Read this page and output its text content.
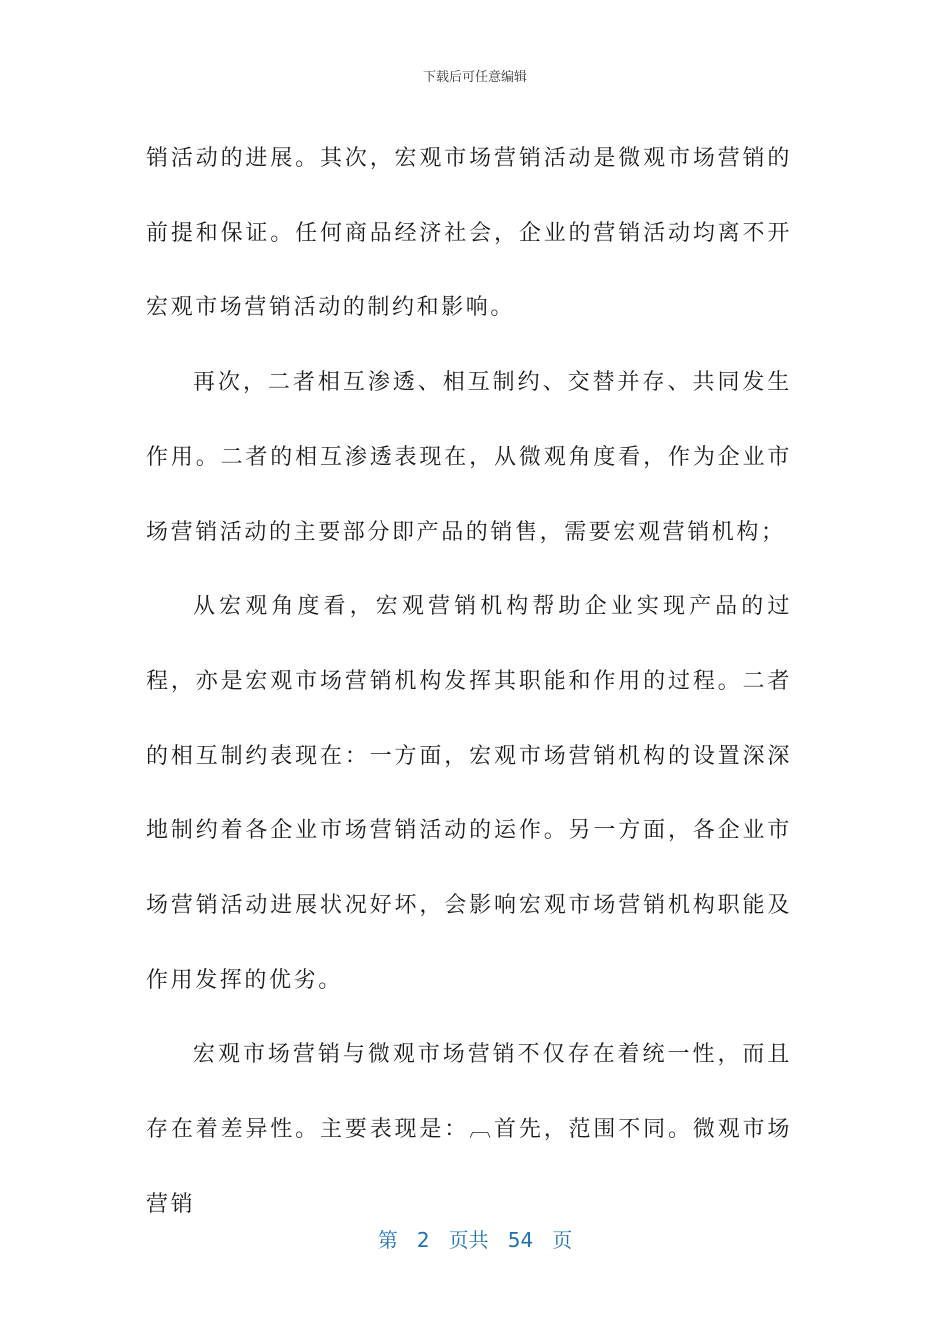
下载后可任意编辑

销活动的进展。其次，宏观市场营销活动是微观市场营销的前提和保证。任何商品经济社会，企业的营销活动均离不开宏观市场营销活动的制约和影响。

再次，二者相互渗透、相互制约、交替并存、共同发生作用。二者的相互渗透表现在，从微观角度看，作为企业市场营销活动的主要部分即产品的销售，需要宏观营销机构；

从宏观角度看，宏观营销机构帮助企业实现产品的过程，亦是宏观市场营销机构发挥其职能和作用的过程。二者的相互制约表现在：一方面，宏观市场营销机构的设置深深地制约着各企业市场营销活动的运作。另一方面，各企业市场营销活动进展状况好坏，会影响宏观市场营销机构职能及作用发挥的优劣。

宏观市场营销与微观市场营销不仅存在着统一性，而且存在着差异性。主要表现是：︹首先，范围不同。微观市场营销

第 2 页共 54 页
